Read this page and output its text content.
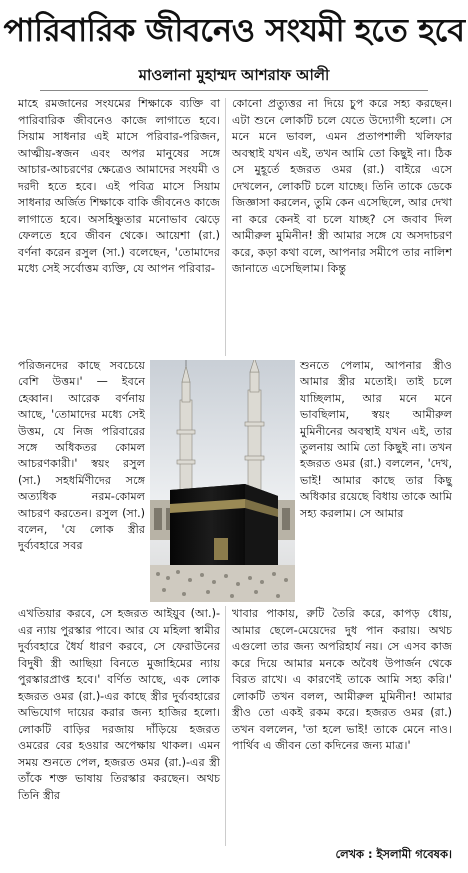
পারিবারিক জীবনেও সংযমী হতে হবে
মাওলানা মুহাম্মদ আশরাফ আলী

মাহে রমজানের সংযমের শিক্ষাকে ব্যক্তি বা পারিবারিক জীবনেও কাজে লাগাতে হবে। সিয়াম সাধনার এই মাসে পরিবার-পরিজন, আত্মীয়-স্বজন এবং অপর মানুষের সঙ্গে আচার-আচরণের ক্ষেত্রেও আমাদের সংযমী ও দরদী হতে হবে। এই পবিত্র মাসে সিয়াম সাধনার অর্জিত শিক্ষাকে বাকি জীবনেও কাজে লাগাতে হবে। অসহিষ্ণুতার মনোভাব ঝেড়ে ফেলতে হবে জীবন থেকে। আয়েশা (রা.) বর্ণনা করেন রসুল (সা.) বলেছেন, 'তোমাদের মধ্যে সেই সর্বোত্তম ব্যক্তি, যে আপন পরিবার-

কোনো প্রত্যুত্তর না দিয়ে চুপ করে সহ্য করছেন। এটা শুনে লোকটি চলে যেতে উদ্যোগী হলো। সে মনে মনে ভাবল, এমন প্রতাপশালী খলিফার অবস্থাই যখন এই, তখন আমি তো কিছুই না। ঠিক সে মুহূর্তে হজরত ওমর (রা.) বাইরে এসে দেখলেন, লোকটি চলে যাচ্ছে। তিনি তাকে ডেকে জিজ্ঞাসা করলেন, তুমি কেন এসেছিলে, আর দেখা না করে কেনই বা চলে যাচ্ছ? সে জবাব দিল আমীরুল মুমিনীন! স্ত্রী আমার সঙ্গে যে অসদাচরণ করে, কড়া কথা বলে, আপনার সমীপে তার নালিশ জানাতে এসেছিলাম। কিন্তু

পরিজনদের কাছে সবচেয়ে বেশি উত্তম।' — ইবনে হেব্বান। আরেক বর্ণনায় আছে, 'তোমাদের মধ্যে সেই উত্তম, যে নিজ পরিবারের সঙ্গে অধিকতর কোমল আচরণকারী।' স্বয়ং রসুল (সা.) সহধর্মিণীদের সঙ্গে অত্যধিক নরম-কোমল আচরণ করতেন। রসুল (সা.) বলেন, 'যে লোক স্ত্রীর দুর্ব্যবহারে সবর

শুনতে পেলাম, আপনার স্ত্রীও আমার স্ত্রীর মতোই। তাই চলে যাচ্ছিলাম, আর মনে মনে ভাবছিলাম, স্বয়ং আমীরুল মুমিনীনের অবস্থাই যখন এই, তার তুলনায় আমি তো কিছুই না। তখন হজরত ওমর (রা.) বললেন, 'দেখ, ভাই! আমার কাছে তার কিছু অধিকার রয়েছে বিধায় তাকে আমি সহ্য করলাম। সে আমার

এখতিয়ার করবে, সে হজরত আইয়ুব (আ.)-এর ন্যায় পুরস্কার পাবে। আর যে মহিলা স্বামীর দুর্ব্যবহারে ধৈর্য ধারণ করবে, সে ফেরাউনের বিদুষী স্ত্রী আছিয়া বিনতে মুজাহিমের ন্যায় পুরস্কারপ্রাপ্ত হবে।' বর্ণিত আছে, এক লোক হজরত ওমর (রা.)-এর কাছে স্ত্রীর দুর্ব্যবহারের অভিযোগ দায়ের করার জন্য হাজির হলো। লোকটি বাড়ির দরজায় দাঁড়িয়ে হজরত ওমরের বের হওয়ার অপেক্ষায় থাকল। এমন সময় শুনতে পেল, হজরত ওমর (রা.)-এর স্ত্রী তাঁকে শক্ত ভাষায় তিরস্কার করছেন। অথচ তিনি স্ত্রীর

খাবার পাকায়, রুটি তৈরি করে, কাপড় ধোয়, আমার ছেলে-মেয়েদের দুধ পান করায়। অথচ এগুলো তার জন্য অপরিহার্য নয়। সে এসব কাজ করে দিয়ে আমার মনকে অবৈধ উপার্জন থেকে বিরত রাখে। এ কারণেই তাকে আমি সহ্য করি।' লোকটি তখন বলল, আমীরুল মুমিনীন! আমার স্ত্রীও তো একই রকম করে। হজরত ওমর (রা.) তখন বললেন, 'তা হলে ভাই! তাকে মেনে নাও। পার্থিব এ জীবন তো কদিনের জন্য মাত্র।'

লেখক : ইসলামী গবেষক।
